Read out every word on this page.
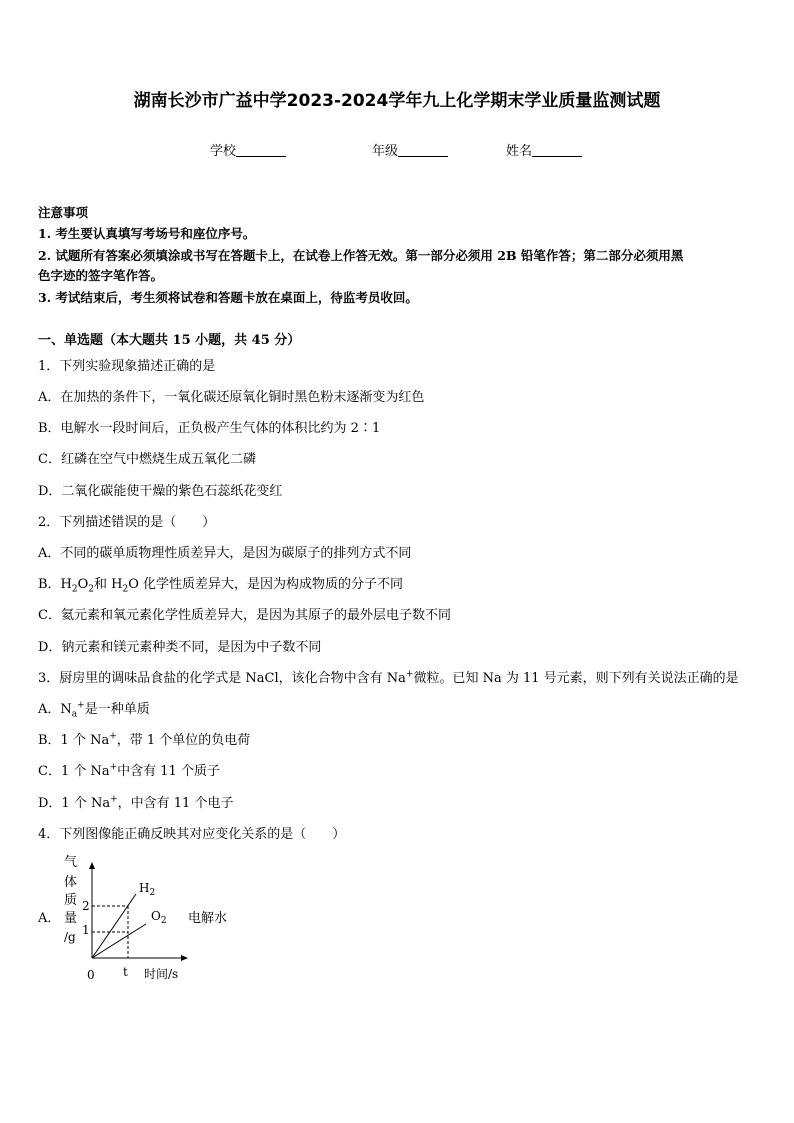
湖南长沙市广益中学2023-2024学年九上化学期末学业质量监测试题
学校	年级	姓名
注意事项
1. 考生要认真填写考场号和座位序号。
2. 试题所有答案必须填涂或书写在答题卡上，在试卷上作答无效。第一部分必须用 2B 铅笔作答；第二部分必须用黑
色字迹的签字笔作答。
3. 考试结束后，考生须将试卷和答题卡放在桌面上，待监考员收回。
一、单选题（本大题共 15 小题，共 45 分）
1．下列实验现象描述正确的是
A．在加热的条件下，一氧化碳还原氧化铜时黑色粉末逐渐变为红色
B．电解水一段时间后，正负极产生气体的体积比约为 2∶1
C．红磷在空气中燃烧生成五氧化二磷
D．二氧化碳能使干燥的紫色石蕊纸花变红
2．下列描述错误的是（　　）
A．不同的碳单质物理性质差异大，是因为碳原子的排列方式不同
B．$H_2O_2$和 $H_2O$ 化学性质差异大，是因为构成物质的分子不同
C．氦元素和氧元素化学性质差异大，是因为其原子的最外层电子数不同
D．钠元素和镁元素种类不同，是因为中子数不同
3．厨房里的调味品食盐的化学式是 NaCl，该化合物中含有 Na+微粒。已知 Na 为 11 号元素，则下列有关说法正确的是
A．$N_a^+$是一种单质
B．1 个 Na+，带 1 个单位的负电荷
C．1 个 Na+中含有 11 个质子
D．1 个 Na+，中含有 11 个电子
4．下列图像能正确反映其对应变化关系的是（　　）
A．
气
体
质
量
/g
2
1
0 t 时间/s
$H_2$
$O_2$ 电解水
